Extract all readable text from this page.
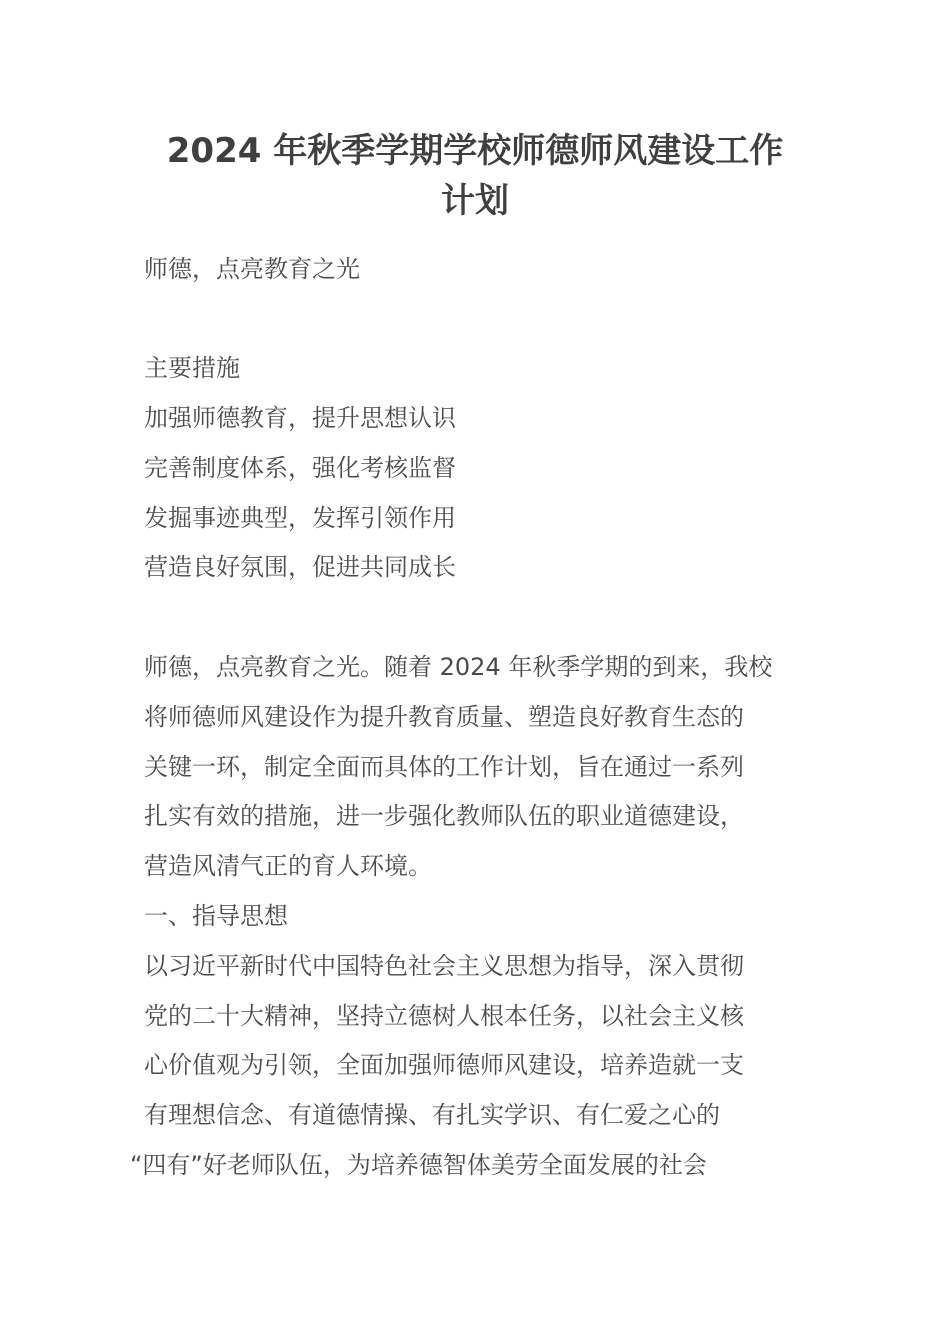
2024 年秋季学期学校师德师风建设工作
计划

师德，点亮教育之光

主要措施

加强师德教育，提升思想认识

完善制度体系，强化考核监督

发掘事迹典型，发挥引领作用

营造良好氛围，促进共同成长

师德，点亮教育之光。随着 2024 年秋季学期的到来，我校

将师德师风建设作为提升教育质量、塑造良好教育生态的

关键一环，制定全面而具体的工作计划，旨在通过一系列

扎实有效的措施，进一步强化教师队伍的职业道德建设，

营造风清气正的育人环境。

一、指导思想

以习近平新时代中国特色社会主义思想为指导，深入贯彻

党的二十大精神，坚持立德树人根本任务，以社会主义核

心价值观为引领，全面加强师德师风建设，培养造就一支

有理想信念、有道德情操、有扎实学识、有仁爱之心的

“四有”好老师队伍，为培养德智体美劳全面发展的社会
